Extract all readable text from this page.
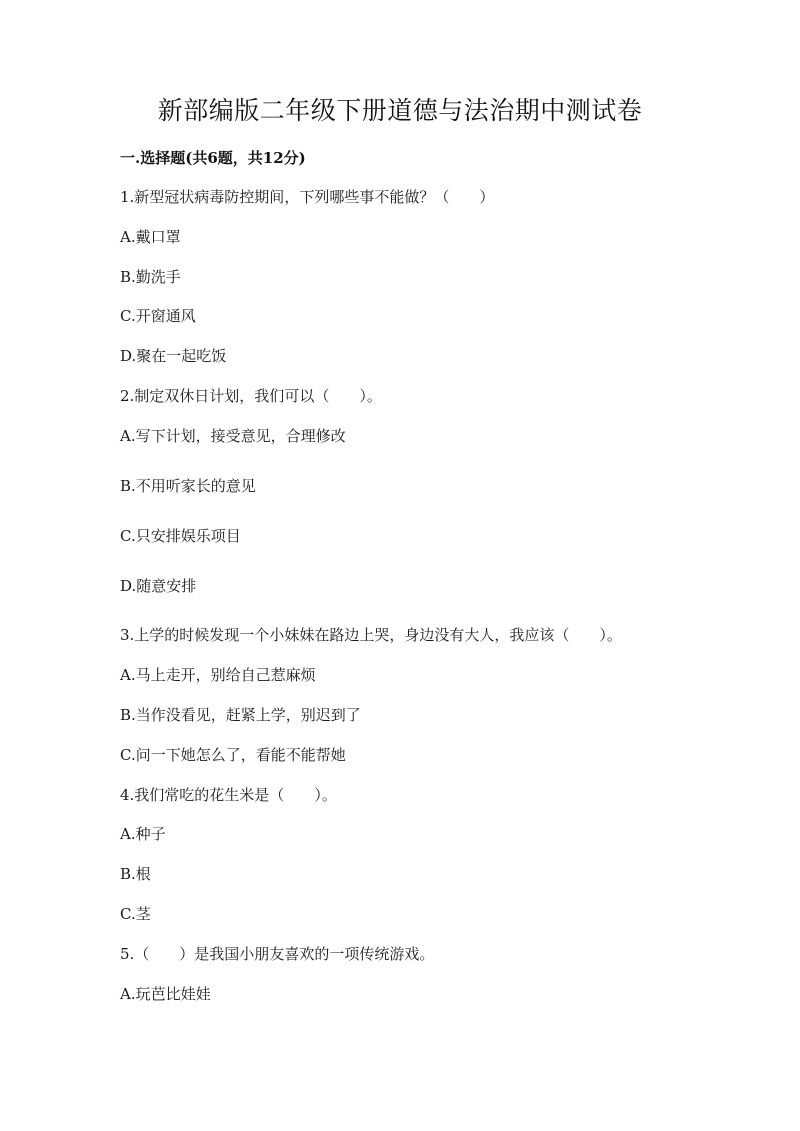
新部编版二年级下册道德与法治期中测试卷
一.选择题(共6题，共12分)
1.新型冠状病毒防控期间，下列哪些事不能做？（　　）
A.戴口罩
B.勤洗手
C.开窗通风
D.聚在一起吃饭
2.制定双休日计划，我们可以（　　）。
A.写下计划，接受意见，合理修改
B.不用听家长的意见
C.只安排娱乐项目
D.随意安排
3.上学的时候发现一个小妹妹在路边上哭，身边没有大人，我应该（　　）。
A.马上走开，别给自己惹麻烦
B.当作没看见，赶紧上学，别迟到了
C.问一下她怎么了，看能不能帮她
4.我们常吃的花生米是（　　）。
A.种子
B.根
C.茎
5.（　　）是我国小朋友喜欢的一项传统游戏。
A.玩芭比娃娃
